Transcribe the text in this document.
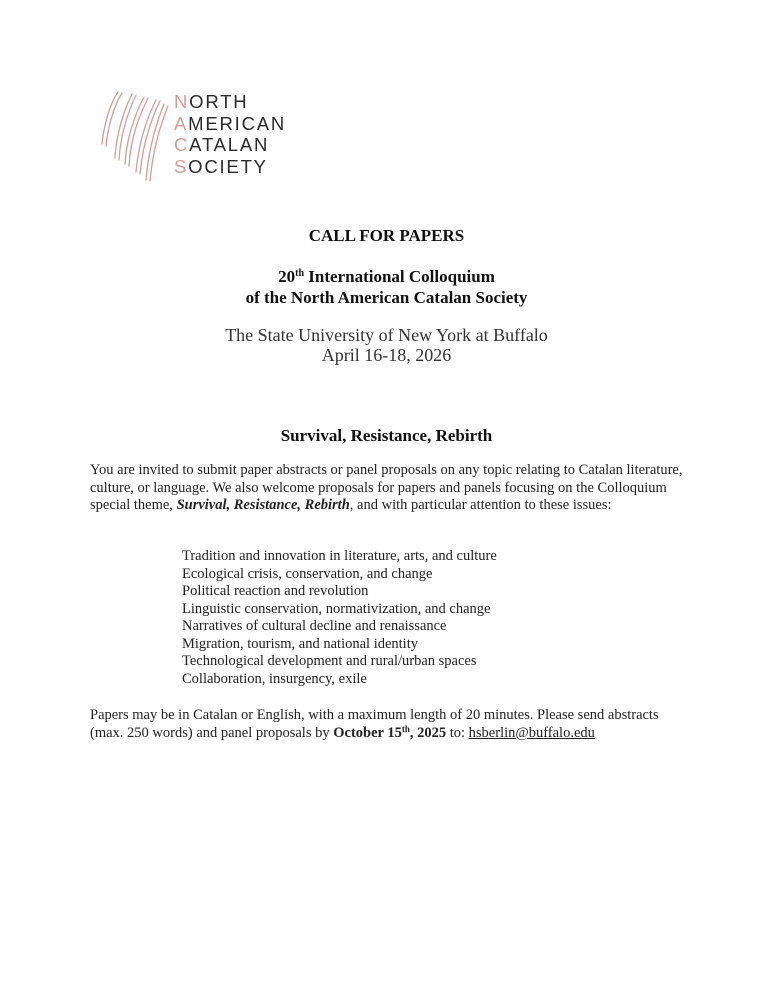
NORTH
AMERICAN
CATALAN
SOCIETY
CALL FOR PAPERS
20th International Colloquium
of the North American Catalan Society
The State University of New York at Buffalo
April 16-18, 2026
Survival, Resistance, Rebirth
You are invited to submit paper abstracts or panel proposals on any topic relating to Catalan literature, culture, or language. We also welcome proposals for papers and panels focusing on the Colloquium special theme, Survival, Resistance, Rebirth, and with particular attention to these issues:
Tradition and innovation in literature, arts, and culture
Ecological crisis, conservation, and change
Political reaction and revolution
Linguistic conservation, normativization, and change
Narratives of cultural decline and renaissance
Migration, tourism, and national identity
Technological development and rural/urban spaces
Collaboration, insurgency, exile
Papers may be in Catalan or English, with a maximum length of 20 minutes. Please send abstracts (max. 250 words) and panel proposals by October 15th, 2025 to: hsberlin@buffalo.edu
